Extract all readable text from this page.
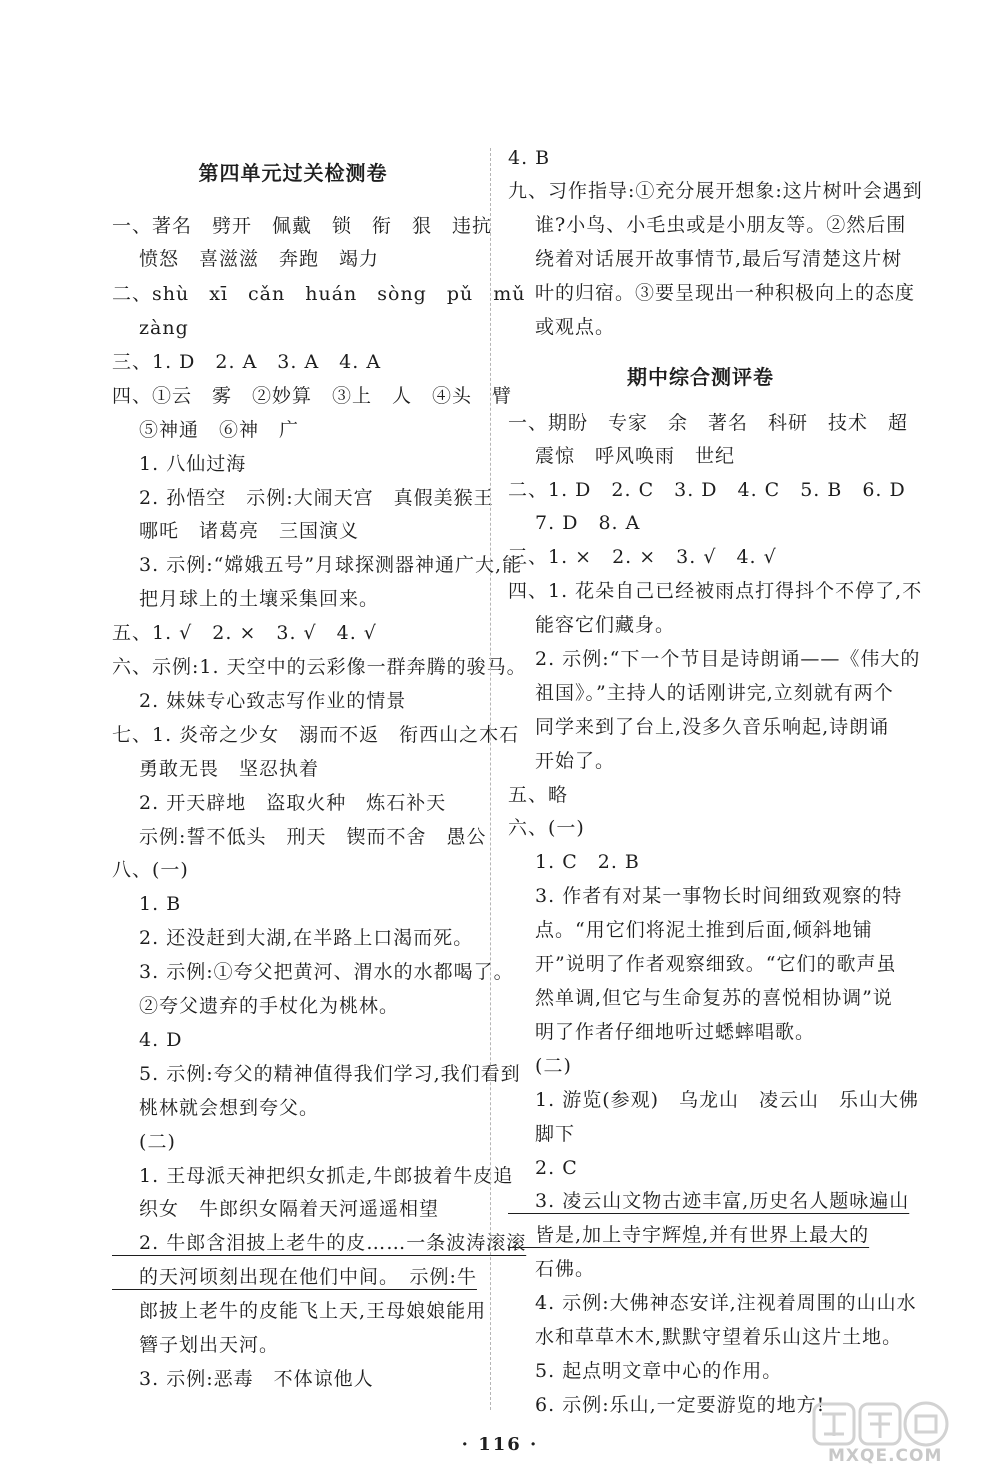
第四单元过关检测卷
一、著名　劈开　佩戴　锁　衔　狠　违抗
　 愤怒　喜滋滋　奔跑　竭力
二、shù　xī　cǎn　huán　sòng　pǔ　mǔ
　 zàng
三、1. D　2. A　3. A　4. A
四、①云　雾　②妙算　③上　人　④头　臂
　 ⑤神通　⑥神　广
　 1. 八仙过海
　 2. 孙悟空　示例:大闹天宫　真假美猴王
　 哪吒　诸葛亮　三国演义
　 3. 示例:“嫦娥五号”月球探测器神通广大,能
　 把月球上的土壤采集回来。
五、1. √　2. ×　3. √　4. √
六、示例:1. 天空中的云彩像一群奔腾的骏马。
　 2. 妹妹专心致志写作业的情景
七、1. 炎帝之少女　溺而不返　衔西山之木石
　 勇敢无畏　坚忍执着
　 2. 开天辟地　盗取火种　炼石补天
　 示例:誓不低头　刑天　锲而不舍　愚公
八、(一)
　 1. B
　 2. 还没赶到大湖,在半路上口渴而死。
　 3. 示例:①夸父把黄河、渭水的水都喝了。
　 ②夸父遗弃的手杖化为桃林。
　 4. D
　 5. 示例:夸父的精神值得我们学习,我们看到
　 桃林就会想到夸父。
　 (二)
　 1. 王母派天神把织女抓走,牛郎披着牛皮追
　 织女　牛郎织女隔着天河遥遥相望
　 2. 牛郎含泪披上老牛的皮……一条波涛滚滚
　 的天河顷刻出现在他们中间。　示例:牛
　 郎披上老牛的皮能飞上天,王母娘娘能用
　 簪子划出天河。
　 3. 示例:恶毒　不体谅他人
4. B
九、习作指导:①充分展开想象:这片树叶会遇到
　 谁?小鸟、小毛虫或是小朋友等。②然后围
　 绕着对话展开故事情节,最后写清楚这片树
　 叶的归宿。③要呈现出一种积极向上的态度
　 或观点。
期中综合测评卷
一、期盼　专家　余　著名　科研　技术　超
　 震惊　呼风唤雨　世纪
二、1. D　2. C　3. D　4. C　5. B　6. D
　 7. D　8. A
三、1. ×　2. ×　3. √　4. √
四、1. 花朵自己已经被雨点打得抖个不停了,不
　 能容它们藏身。
　 2. 示例:“下一个节目是诗朗诵——《伟大的
　 祖国》。”主持人的话刚讲完,立刻就有两个
　 同学来到了台上,没多久音乐响起,诗朗诵
　 开始了。
五、略
六、(一)
　 1. C　2. B
　 3. 作者有对某一事物长时间细致观察的特
　 点。“用它们将泥土推到后面,倾斜地铺
　 开”说明了作者观察细致。“它们的歌声虽
　 然单调,但它与生命复苏的喜悦相协调”说
　 明了作者仔细地听过蟋蟀唱歌。
　 (二)
　 1. 游览(参观)　乌龙山　凌云山　乐山大佛
　 脚下
　 2. C
　 3. 凌云山文物古迹丰富,历史名人题咏遍山
　 皆是,加上寺宇辉煌,并有世界上最大的
　 石佛。
　 4. 示例:大佛神态安详,注视着周围的山山水
　 水和草草木木,默默守望着乐山这片土地。
　 5. 起点明文章中心的作用。
　 6. 示例:乐山,一定要游览的地方!
· 116 ·
MXQE.COM
